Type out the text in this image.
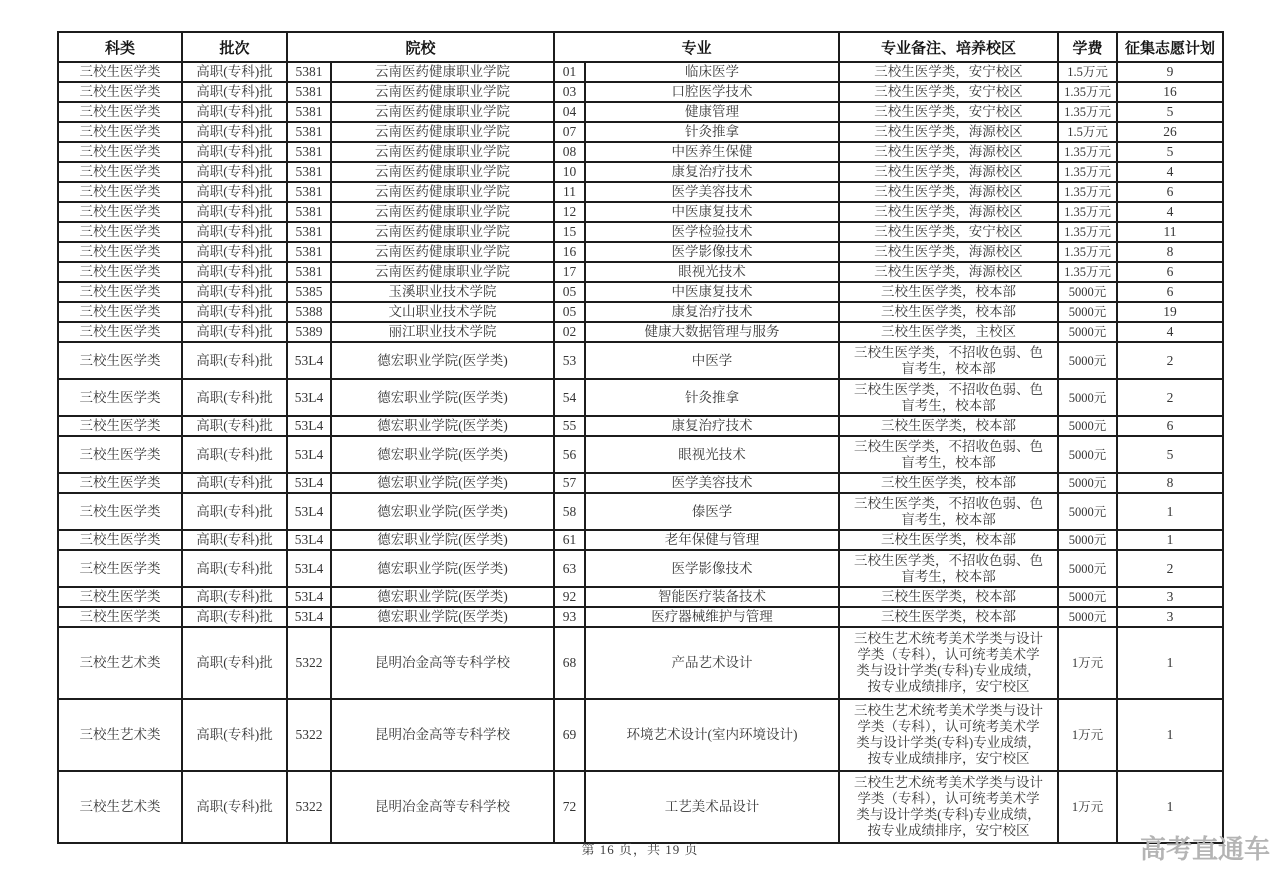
科类	批次	院校		专业		专业备注、培养校区	学费	征集志愿计划
三校生医学类	高职(专科)批	5381	云南医药健康职业学院	01	临床医学	三校生医学类，安宁校区	1.5万元	9
三校生医学类	高职(专科)批	5381	云南医药健康职业学院	03	口腔医学技术	三校生医学类，安宁校区	1.35万元	16
三校生医学类	高职(专科)批	5381	云南医药健康职业学院	04	健康管理	三校生医学类，安宁校区	1.35万元	5
三校生医学类	高职(专科)批	5381	云南医药健康职业学院	07	针灸推拿	三校生医学类，海源校区	1.5万元	26
三校生医学类	高职(专科)批	5381	云南医药健康职业学院	08	中医养生保健	三校生医学类，海源校区	1.35万元	5
三校生医学类	高职(专科)批	5381	云南医药健康职业学院	10	康复治疗技术	三校生医学类，海源校区	1.35万元	4
三校生医学类	高职(专科)批	5381	云南医药健康职业学院	11	医学美容技术	三校生医学类，海源校区	1.35万元	6
三校生医学类	高职(专科)批	5381	云南医药健康职业学院	12	中医康复技术	三校生医学类，海源校区	1.35万元	4
三校生医学类	高职(专科)批	5381	云南医药健康职业学院	15	医学检验技术	三校生医学类，安宁校区	1.35万元	11
三校生医学类	高职(专科)批	5381	云南医药健康职业学院	16	医学影像技术	三校生医学类，海源校区	1.35万元	8
三校生医学类	高职(专科)批	5381	云南医药健康职业学院	17	眼视光技术	三校生医学类，海源校区	1.35万元	6
三校生医学类	高职(专科)批	5385	玉溪职业技术学院	05	中医康复技术	三校生医学类，校本部	5000元	6
三校生医学类	高职(专科)批	5388	文山职业技术学院	05	康复治疗技术	三校生医学类，校本部	5000元	19
三校生医学类	高职(专科)批	5389	丽江职业技术学院	02	健康大数据管理与服务	三校生医学类，主校区	5000元	4
三校生医学类	高职(专科)批	53L4	德宏职业学院(医学类)	53	中医学	三校生医学类，不招收色弱、色盲考生，校本部	5000元	2
三校生医学类	高职(专科)批	53L4	德宏职业学院(医学类)	54	针灸推拿	三校生医学类，不招收色弱、色盲考生，校本部	5000元	2
三校生医学类	高职(专科)批	53L4	德宏职业学院(医学类)	55	康复治疗技术	三校生医学类，校本部	5000元	6
三校生医学类	高职(专科)批	53L4	德宏职业学院(医学类)	56	眼视光技术	三校生医学类，不招收色弱、色盲考生，校本部	5000元	5
三校生医学类	高职(专科)批	53L4	德宏职业学院(医学类)	57	医学美容技术	三校生医学类，校本部	5000元	8
三校生医学类	高职(专科)批	53L4	德宏职业学院(医学类)	58	傣医学	三校生医学类，不招收色弱、色盲考生，校本部	5000元	1
三校生医学类	高职(专科)批	53L4	德宏职业学院(医学类)	61	老年保健与管理	三校生医学类，校本部	5000元	1
三校生医学类	高职(专科)批	53L4	德宏职业学院(医学类)	63	医学影像技术	三校生医学类，不招收色弱、色盲考生，校本部	5000元	2
三校生医学类	高职(专科)批	53L4	德宏职业学院(医学类)	92	智能医疗装备技术	三校生医学类，校本部	5000元	3
三校生医学类	高职(专科)批	53L4	德宏职业学院(医学类)	93	医疗器械维护与管理	三校生医学类，校本部	5000元	3
三校生艺术类	高职(专科)批	5322	昆明冶金高等专科学校	68	产品艺术设计	三校生艺术统考美术学类与设计学类（专科），认可统考美术学类与设计学类(专科)专业成绩，按专业成绩排序，安宁校区	1万元	1
三校生艺术类	高职(专科)批	5322	昆明冶金高等专科学校	69	环境艺术设计(室内环境设计)	三校生艺术统考美术学类与设计学类（专科），认可统考美术学类与设计学类(专科)专业成绩，按专业成绩排序，安宁校区	1万元	1
三校生艺术类	高职(专科)批	5322	昆明冶金高等专科学校	72	工艺美术品设计	三校生艺术统考美术学类与设计学类（专科），认可统考美术学类与设计学类(专科)专业成绩，按专业成绩排序，安宁校区	1万元	1
第 16 页，共 19 页	高考直通车
